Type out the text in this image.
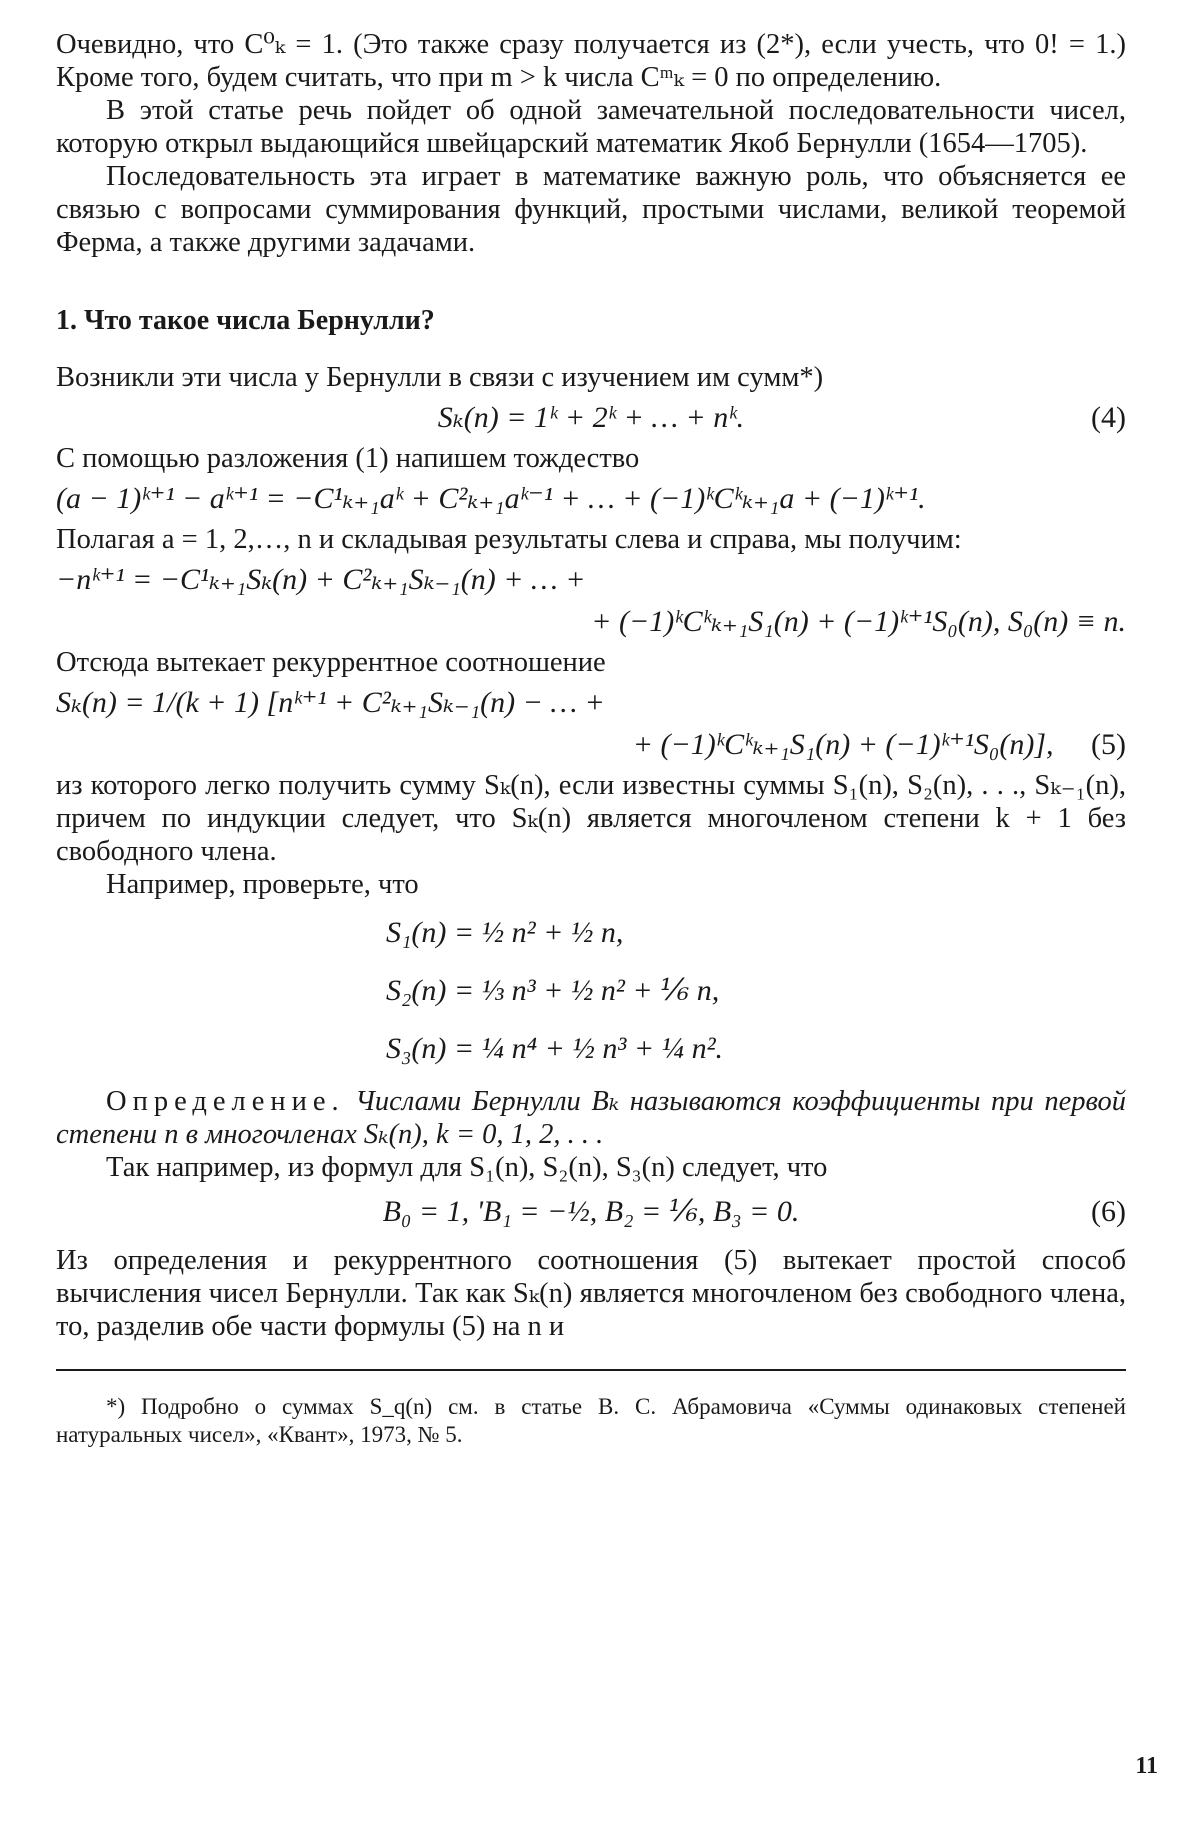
Очевидно, что C⁰ₖ = 1. (Это также сразу получается из (2*), если учесть, что 0! = 1.) Кроме того, будем считать, что при m > k числа Cᵐₖ = 0 по определению.

В этой статье речь пойдет об одной замечательной последовательности чисел, которую открыл выдающийся швейцарский математик Якоб Бернулли (1654—1705).

Последовательность эта играет в математике важную роль, что объясняется ее связью с вопросами суммирования функций, простыми числами, великой теоремой Ферма, а также другими задачами.

1. Что такое числа Бернулли?

Возникли эти числа у Бернулли в связи с изучением им сумм*)

Sₖ(n) = 1ᵏ + 2ᵏ + … + nᵏ.	(4)

С помощью разложения (1) напишем тождество

(a − 1)ᵏ⁺¹ − aᵏ⁺¹ = −C¹ₖ₊₁aᵏ + C²ₖ₊₁aᵏ⁻¹ + … + (−1)ᵏCᵏₖ₊₁a + (−1)ᵏ⁺¹.

Полагая a = 1, 2,…, n и складывая результаты слева и справа, мы получим:

−nᵏ⁺¹ = −C¹ₖ₊₁Sₖ(n) + C²ₖ₊₁Sₖ₋₁(n) + … +
+ (−1)ᵏCᵏₖ₊₁S₁(n) + (−1)ᵏ⁺¹S₀(n), S₀(n) ≡ n.

Отсюда вытекает рекуррентное соотношение

Sₖ(n) = 1/(k + 1) [nᵏ⁺¹ + C²ₖ₊₁Sₖ₋₁(n) − … +
+ (−1)ᵏCᵏₖ₊₁S₁(n) + (−1)ᵏ⁺¹S₀(n)], (5)

из которого легко получить сумму Sₖ(n), если известны суммы S₁(n), S₂(n), . . ., Sₖ₋₁(n), причем по индукции следует, что Sₖ(n) является многочленом степени k + 1 без свободного члена.

Например, проверьте, что

S₁(n) = ½ n² + ½ n,
S₂(n) = ⅓ n³ + ½ n² + ⅙ n,
S₃(n) = ¼ n⁴ + ½ n³ + ¼ n².

Определение. Числами Бернулли Bₖ называются коэффициенты при первой степени n в многочленах Sₖ(n), k = 0, 1, 2, . . .

Так например, из формул для S₁(n), S₂(n), S₃(n) следует, что

B₀ = 1, 'B₁ = −½, B₂ = ⅙, B₃ = 0.	(6)

Из определения и рекуррентного соотношения (5) вытекает простой способ вычисления чисел Бернулли. Так как Sₖ(n) является многочленом без свободного члена, то, разделив обе части формулы (5) на n и

*) Подробно о суммах S_q(n) см. в статье В. С. Абрамовича «Суммы одинаковых степеней натуральных чисел», «Квант», 1973, № 5.

11
